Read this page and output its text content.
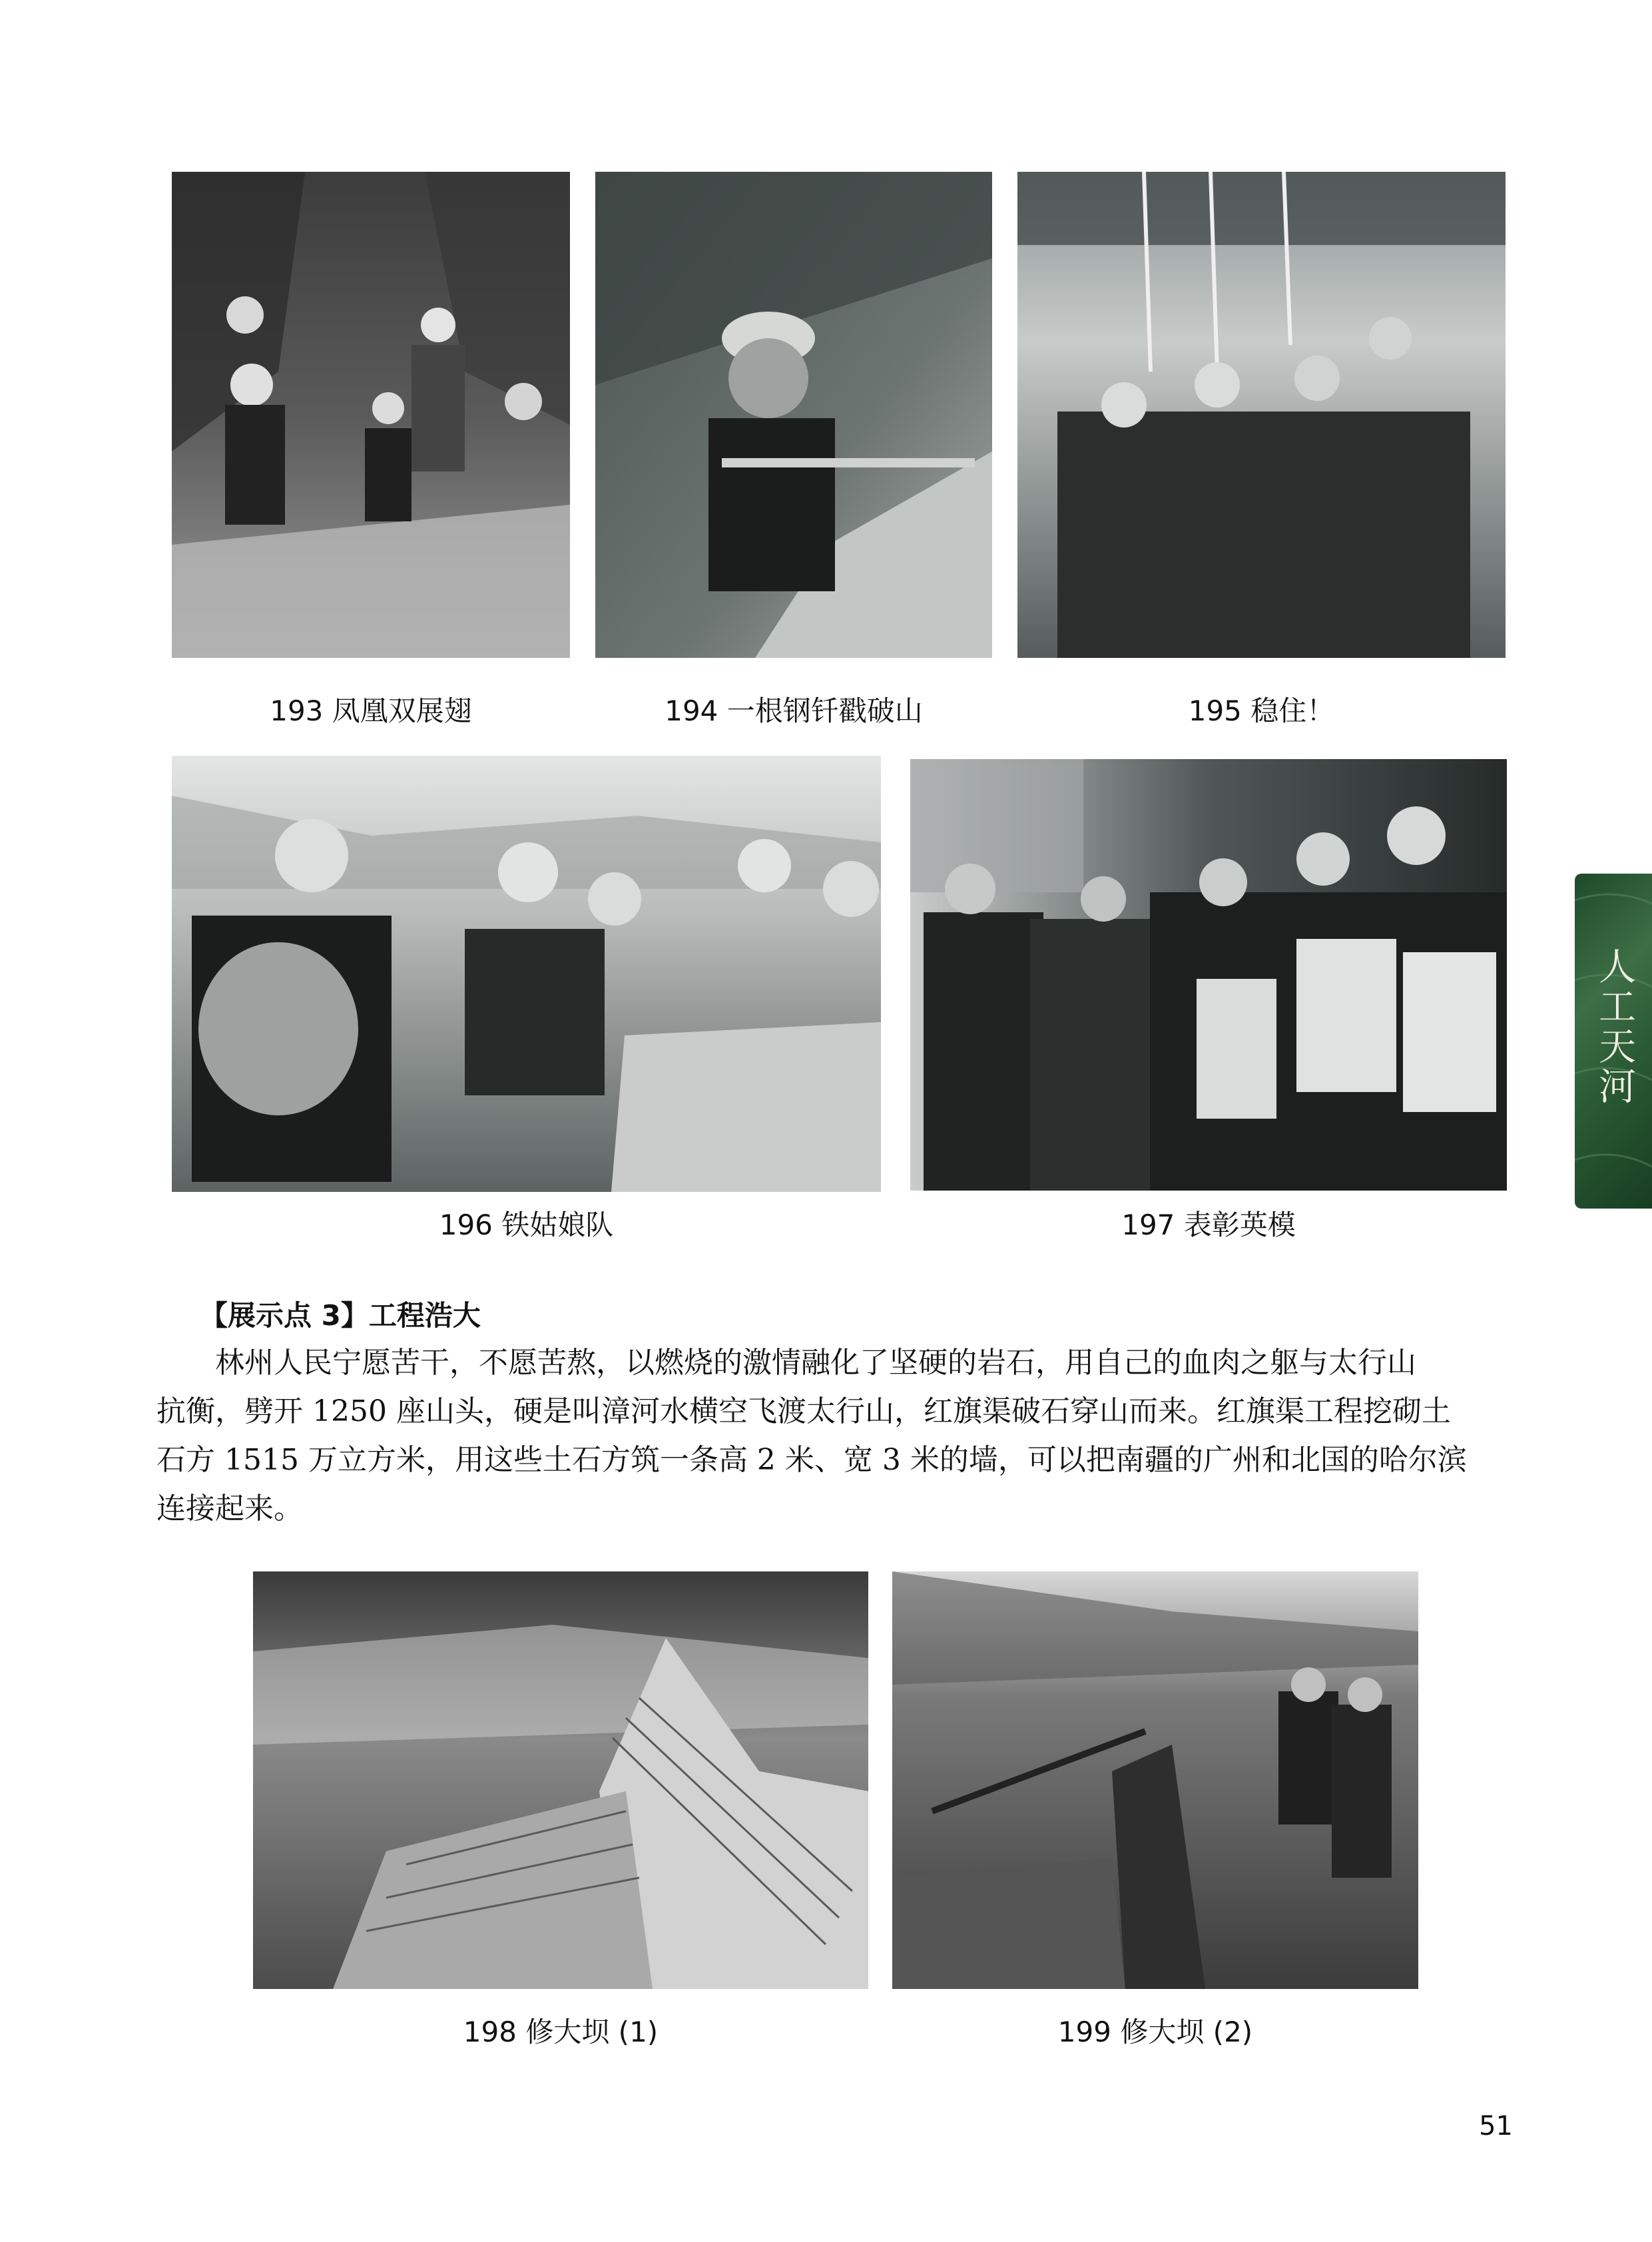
193 凤凰双展翅	194 一根钢钎戳破山	195 稳住！
196 铁姑娘队	197 表彰英模
【展示点 3】工程浩大
林州人民宁愿苦干，不愿苦熬，以燃烧的激情融化了坚硬的岩石，用自己的血肉之躯与太行山
抗衡，劈开 1250 座山头，硬是叫漳河水横空飞渡太行山，红旗渠破石穿山而来。红旗渠工程挖砌土
石方 1515 万立方米，用这些土石方筑一条高 2 米、宽 3 米的墙，可以把南疆的广州和北国的哈尔滨
连接起来。
198 修大坝 (1)	199 修大坝 (2)
人工天河
51
